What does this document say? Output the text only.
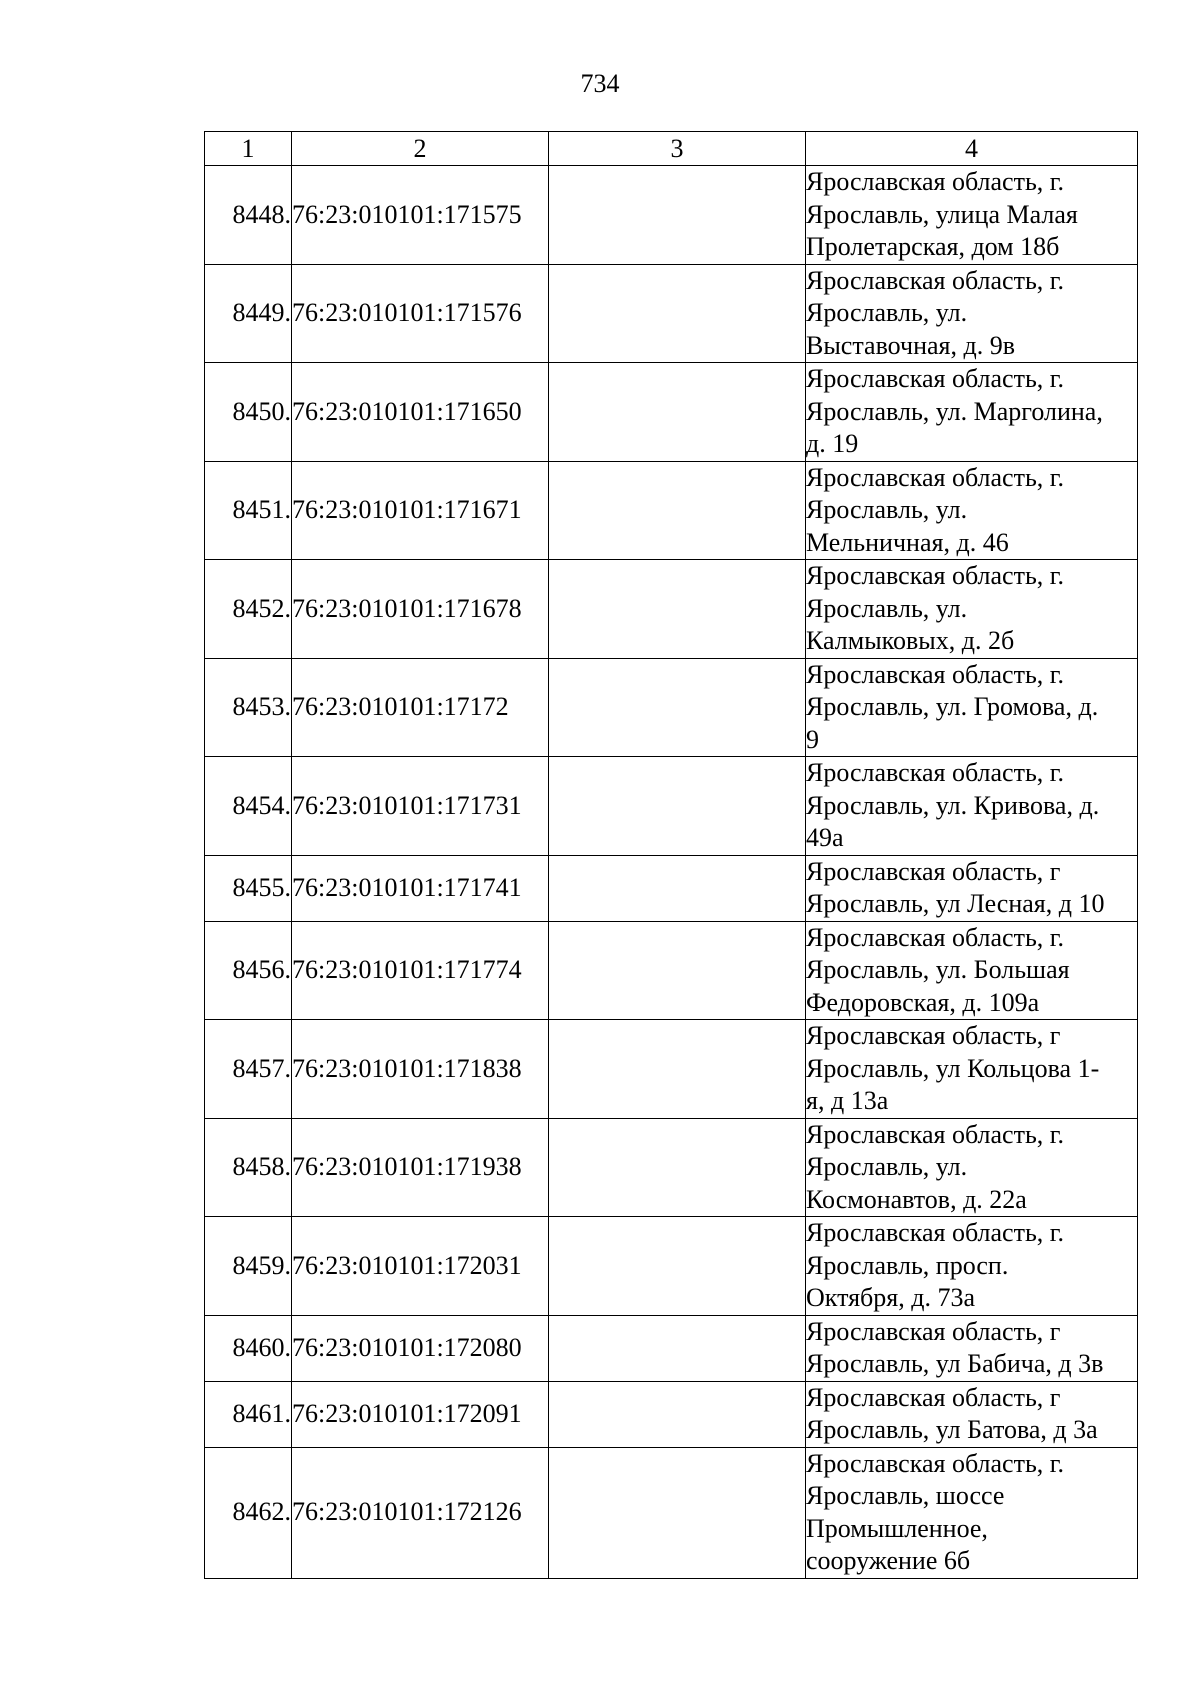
734
1	2	3	4
8448.	76:23:010101:171575		Ярославская область, г.
Ярославль, улица Малая
Пролетарская, дом 18б

8449.	76:23:010101:171576		Ярославская область, г.
Ярославль, ул.
Выставочная, д. 9в

8450.	76:23:010101:171650		Ярославская область, г.
Ярославль, ул. Марголина,
д. 19

8451.	76:23:010101:171671		Ярославская область, г.
Ярославль, ул.
Мельничная, д. 46

8452.	76:23:010101:171678		Ярославская область, г.
Ярославль, ул.
Калмыковых, д. 2б

8453.	76:23:010101:17172		Ярославская область, г.
Ярославль, ул. Громова, д.
9

8454.	76:23:010101:171731		Ярославская область, г.
Ярославль, ул. Кривова, д.
49а

8455.	76:23:010101:171741		Ярославская область, г
Ярославль, ул Лесная, д 10

8456.	76:23:010101:171774		Ярославская область, г.
Ярославль, ул. Большая
Федоровская, д. 109а

8457.	76:23:010101:171838		Ярославская область, г
Ярославль, ул Кольцова 1-
я, д 13а

8458.	76:23:010101:171938		Ярославская область, г.
Ярославль, ул.
Космонавтов, д. 22а

8459.	76:23:010101:172031		Ярославская область, г.
Ярославль, просп.
Октября, д. 73а

8460.	76:23:010101:172080		Ярославская область, г
Ярославль, ул Бабича, д 3в

8461.	76:23:010101:172091		Ярославская область, г
Ярославль, ул Батова, д 3а

8462.	76:23:010101:172126		Ярославская область, г.
Ярославль, шоссе
Промышленное,
сооружение 6б
